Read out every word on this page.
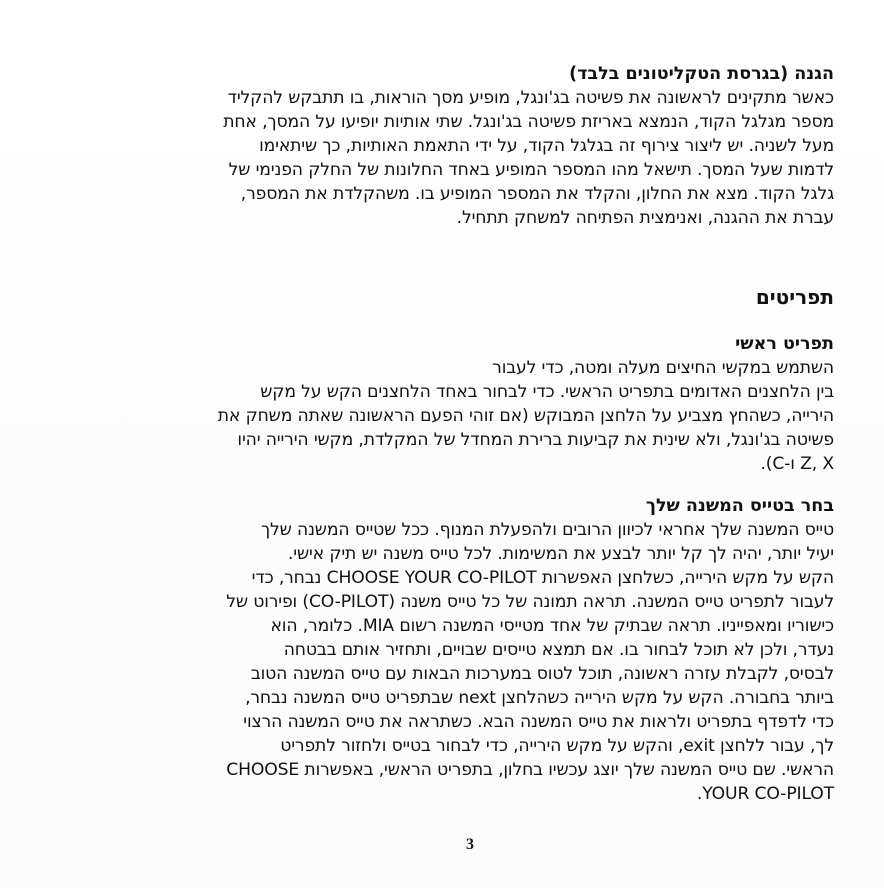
הגנה (בגרסת הטקליטונים בלבד)
כאשר מתקינים לראשונה את פשיטה בג'ונגל, מופיע מסך הוראות, בו תתבקש להקליד
מספר מגלגל הקוד, הנמצא באריזת פשיטה בג'ונגל. שתי אותיות יופיעו על המסך, אחת
מעל לשניה. יש ליצור צירוף זה בגלגל הקוד, על ידי התאמת האותיות, כך שיתאימו
לדמות שעל המסך. תישאל מהו המספר המופיע באחד החלונות של החלק הפנימי של
גלגל הקוד. מצא את החלון, והקלד את המספר המופיע בו. משהקלדת את המספר,
עברת את ההגנה, ואנימצית הפתיחה למשחק תתחיל.
תפריטים
תפריט ראשי
השתמש במקשי החיצים מעלה ומטה, כדי לעבור
בין הלחצנים האדומים בתפריט הראשי. כדי לבחור באחד הלחצנים הקש על מקש
הירייה, כשהחץ מצביע על הלחצן המבוקש (אם זוהי הפעם הראשונה שאתה משחק את
פשיטה בג'ונגל, ולא שינית את קביעות ברירת המחדל של המקלדת, מקשי הירייה יהיו
Z, X ו-C).
בחר בטייס המשנה שלך
טייס המשנה שלך אחראי לכיוון הרובים ולהפעלת המנוף. ככל שטייס המשנה שלך
יעיל יותר, יהיה לך קל יותר לבצע את המשימות. לכל טייס משנה יש תיק אישי.
הקש על מקש הירייה, כשלחצן האפשרות CHOOSE YOUR CO-PILOT נבחר, כדי
לעבור לתפריט טייס המשנה. תראה תמונה של כל טייס משנה (CO-PILOT) ופירוט של
כישוריו ומאפייניו. תראה שבתיק של אחד מטייסי המשנה רשום MIA. כלומר, הוא
נעדר, ולכן לא תוכל לבחור בו. אם תמצא טייסים שבויים, ותחזיר אותם בבטחה
לבסיס, לקבלת עזרה ראשונה, תוכל לטוס במערכות הבאות עם טייס המשנה הטוב
ביותר בחבורה. הקש על מקש הירייה כשהלחצן next שבתפריט טייס המשנה נבחר,
כדי לדפדף בתפריט ולראות את טייס המשנה הבא. כשתראה את טייס המשנה הרצוי
לך, עבור ללחצן exit, והקש על מקש הירייה, כדי לבחור בטייס ולחזור לתפריט
הראשי. שם טייס המשנה שלך יוצג עכשיו בחלון, בתפריט הראשי, באפשרות CHOOSE
YOUR CO-PILOT.
3
